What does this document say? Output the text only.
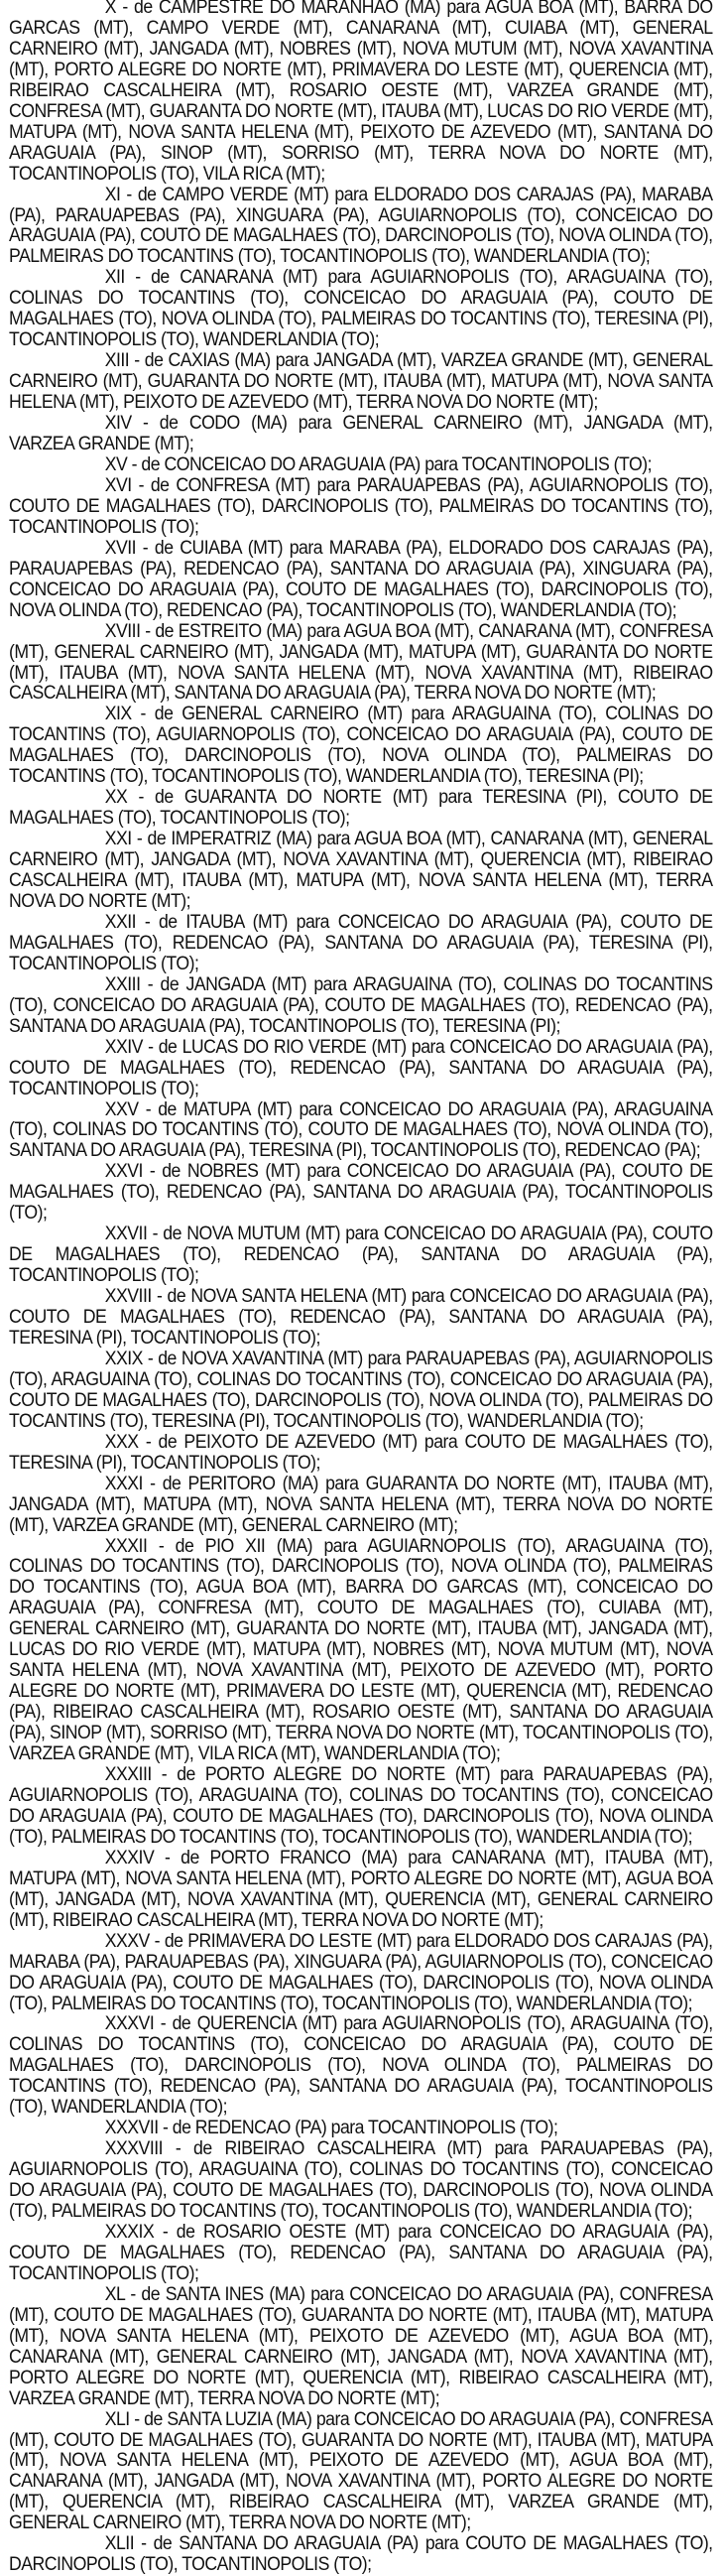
X - de CAMPESTRE DO MARANHAO (MA) para AGUA BOA (MT), BARRA DO GARCAS (MT), CAMPO VERDE (MT), CANARANA (MT), CUIABA (MT), GENERAL CARNEIRO (MT), JANGADA (MT), NOBRES (MT), NOVA MUTUM (MT), NOVA XAVANTINA (MT), PORTO ALEGRE DO NORTE (MT), PRIMAVERA DO LESTE (MT), QUERENCIA (MT), RIBEIRAO CASCALHEIRA (MT), ROSARIO OESTE (MT), VARZEA GRANDE (MT), CONFRESA (MT), GUARANTA DO NORTE (MT), ITAUBA (MT), LUCAS DO RIO VERDE (MT), MATUPA (MT), NOVA SANTA HELENA (MT), PEIXOTO DE AZEVEDO (MT), SANTANA DO ARAGUAIA (PA), SINOP (MT), SORRISO (MT), TERRA NOVA DO NORTE (MT), TOCANTINOPOLIS (TO), VILA RICA (MT);

XI - de CAMPO VERDE (MT) para ELDORADO DOS CARAJAS (PA), MARABA (PA), PARAUAPEBAS (PA), XINGUARA (PA), AGUIARNOPOLIS (TO), CONCEICAO DO ARAGUAIA (PA), COUTO DE MAGALHAES (TO), DARCINOPOLIS (TO), NOVA OLINDA (TO), PALMEIRAS DO TOCANTINS (TO), TOCANTINOPOLIS (TO), WANDERLANDIA (TO);

XII - de CANARANA (MT) para AGUIARNOPOLIS (TO), ARAGUAINA (TO), COLINAS DO TOCANTINS (TO), CONCEICAO DO ARAGUAIA (PA), COUTO DE MAGALHAES (TO), NOVA OLINDA (TO), PALMEIRAS DO TOCANTINS (TO), TERESINA (PI), TOCANTINOPOLIS (TO), WANDERLANDIA (TO);

XIII - de CAXIAS (MA) para JANGADA (MT), VARZEA GRANDE (MT), GENERAL CARNEIRO (MT), GUARANTA DO NORTE (MT), ITAUBA (MT), MATUPA (MT), NOVA SANTA HELENA (MT), PEIXOTO DE AZEVEDO (MT), TERRA NOVA DO NORTE (MT);

XIV - de CODO (MA) para GENERAL CARNEIRO (MT), JANGADA (MT), VARZEA GRANDE (MT);

XV - de CONCEICAO DO ARAGUAIA (PA) para TOCANTINOPOLIS (TO);

XVI - de CONFRESA (MT) para PARAUAPEBAS (PA), AGUIARNOPOLIS (TO), COUTO DE MAGALHAES (TO), DARCINOPOLIS (TO), PALMEIRAS DO TOCANTINS (TO), TOCANTINOPOLIS (TO);

XVII - de CUIABA (MT) para MARABA (PA), ELDORADO DOS CARAJAS (PA), PARAUAPEBAS (PA), REDENCAO (PA), SANTANA DO ARAGUAIA (PA), XINGUARA (PA), CONCEICAO DO ARAGUAIA (PA), COUTO DE MAGALHAES (TO), DARCINOPOLIS (TO), NOVA OLINDA (TO), REDENCAO (PA), TOCANTINOPOLIS (TO), WANDERLANDIA (TO);

XVIII - de ESTREITO (MA) para AGUA BOA (MT), CANARANA (MT), CONFRESA (MT), GENERAL CARNEIRO (MT), JANGADA (MT), MATUPA (MT), GUARANTA DO NORTE (MT), ITAUBA (MT), NOVA SANTA HELENA (MT), NOVA XAVANTINA (MT), RIBEIRAO CASCALHEIRA (MT), SANTANA DO ARAGUAIA (PA), TERRA NOVA DO NORTE (MT);

XIX - de GENERAL CARNEIRO (MT) para ARAGUAINA (TO), COLINAS DO TOCANTINS (TO), AGUIARNOPOLIS (TO), CONCEICAO DO ARAGUAIA (PA), COUTO DE MAGALHAES (TO), DARCINOPOLIS (TO), NOVA OLINDA (TO), PALMEIRAS DO TOCANTINS (TO), TOCANTINOPOLIS (TO), WANDERLANDIA (TO), TERESINA (PI);

XX - de GUARANTA DO NORTE (MT) para TERESINA (PI), COUTO DE MAGALHAES (TO), TOCANTINOPOLIS (TO);

XXI - de IMPERATRIZ (MA) para AGUA BOA (MT), CANARANA (MT), GENERAL CARNEIRO (MT), JANGADA (MT), NOVA XAVANTINA (MT), QUERENCIA (MT), RIBEIRAO CASCALHEIRA (MT), ITAUBA (MT), MATUPA (MT), NOVA SANTA HELENA (MT), TERRA NOVA DO NORTE (MT);

XXII - de ITAUBA (MT) para CONCEICAO DO ARAGUAIA (PA), COUTO DE MAGALHAES (TO), REDENCAO (PA), SANTANA DO ARAGUAIA (PA), TERESINA (PI), TOCANTINOPOLIS (TO);

XXIII - de JANGADA (MT) para ARAGUAINA (TO), COLINAS DO TOCANTINS (TO), CONCEICAO DO ARAGUAIA (PA), COUTO DE MAGALHAES (TO), REDENCAO (PA), SANTANA DO ARAGUAIA (PA), TOCANTINOPOLIS (TO), TERESINA (PI);

XXIV - de LUCAS DO RIO VERDE (MT) para CONCEICAO DO ARAGUAIA (PA), COUTO DE MAGALHAES (TO), REDENCAO (PA), SANTANA DO ARAGUAIA (PA), TOCANTINOPOLIS (TO);

XXV - de MATUPA (MT) para CONCEICAO DO ARAGUAIA (PA), ARAGUAINA (TO), COLINAS DO TOCANTINS (TO), COUTO DE MAGALHAES (TO), NOVA OLINDA (TO), SANTANA DO ARAGUAIA (PA), TERESINA (PI), TOCANTINOPOLIS (TO), REDENCAO (PA);

XXVI - de NOBRES (MT) para CONCEICAO DO ARAGUAIA (PA), COUTO DE MAGALHAES (TO), REDENCAO (PA), SANTANA DO ARAGUAIA (PA), TOCANTINOPOLIS (TO);

XXVII - de NOVA MUTUM (MT) para CONCEICAO DO ARAGUAIA (PA), COUTO DE MAGALHAES (TO), REDENCAO (PA), SANTANA DO ARAGUAIA (PA), TOCANTINOPOLIS (TO);

XXVIII - de NOVA SANTA HELENA (MT) para CONCEICAO DO ARAGUAIA (PA), COUTO DE MAGALHAES (TO), REDENCAO (PA), SANTANA DO ARAGUAIA (PA), TERESINA (PI), TOCANTINOPOLIS (TO);

XXIX - de NOVA XAVANTINA (MT) para PARAUAPEBAS (PA), AGUIARNOPOLIS (TO), ARAGUAINA (TO), COLINAS DO TOCANTINS (TO), CONCEICAO DO ARAGUAIA (PA), COUTO DE MAGALHAES (TO), DARCINOPOLIS (TO), NOVA OLINDA (TO), PALMEIRAS DO TOCANTINS (TO), TERESINA (PI), TOCANTINOPOLIS (TO), WANDERLANDIA (TO);

XXX - de PEIXOTO DE AZEVEDO (MT) para COUTO DE MAGALHAES (TO), TERESINA (PI), TOCANTINOPOLIS (TO);

XXXI - de PERITORO (MA) para GUARANTA DO NORTE (MT), ITAUBA (MT), JANGADA (MT), MATUPA (MT), NOVA SANTA HELENA (MT), TERRA NOVA DO NORTE (MT), VARZEA GRANDE (MT), GENERAL CARNEIRO (MT);

XXXII - de PIO XII (MA) para AGUIARNOPOLIS (TO), ARAGUAINA (TO), COLINAS DO TOCANTINS (TO), DARCINOPOLIS (TO), NOVA OLINDA (TO), PALMEIRAS DO TOCANTINS (TO), AGUA BOA (MT), BARRA DO GARCAS (MT), CONCEICAO DO ARAGUAIA (PA), CONFRESA (MT), COUTO DE MAGALHAES (TO), CUIABA (MT), GENERAL CARNEIRO (MT), GUARANTA DO NORTE (MT), ITAUBA (MT), JANGADA (MT), LUCAS DO RIO VERDE (MT), MATUPA (MT), NOBRES (MT), NOVA MUTUM (MT), NOVA SANTA HELENA (MT), NOVA XAVANTINA (MT), PEIXOTO DE AZEVEDO (MT), PORTO ALEGRE DO NORTE (MT), PRIMAVERA DO LESTE (MT), QUERENCIA (MT), REDENCAO (PA), RIBEIRAO CASCALHEIRA (MT), ROSARIO OESTE (MT), SANTANA DO ARAGUAIA (PA), SINOP (MT), SORRISO (MT), TERRA NOVA DO NORTE (MT), TOCANTINOPOLIS (TO), VARZEA GRANDE (MT), VILA RICA (MT), WANDERLANDIA (TO);

XXXIII - de PORTO ALEGRE DO NORTE (MT) para PARAUAPEBAS (PA), AGUIARNOPOLIS (TO), ARAGUAINA (TO), COLINAS DO TOCANTINS (TO), CONCEICAO DO ARAGUAIA (PA), COUTO DE MAGALHAES (TO), DARCINOPOLIS (TO), NOVA OLINDA (TO), PALMEIRAS DO TOCANTINS (TO), TOCANTINOPOLIS (TO), WANDERLANDIA (TO);

XXXIV - de PORTO FRANCO (MA) para CANARANA (MT), ITAUBA (MT), MATUPA (MT), NOVA SANTA HELENA (MT), PORTO ALEGRE DO NORTE (MT), AGUA BOA (MT), JANGADA (MT), NOVA XAVANTINA (MT), QUERENCIA (MT), GENERAL CARNEIRO (MT), RIBEIRAO CASCALHEIRA (MT), TERRA NOVA DO NORTE (MT);

XXXV - de PRIMAVERA DO LESTE (MT) para ELDORADO DOS CARAJAS (PA), MARABA (PA), PARAUAPEBAS (PA), XINGUARA (PA), AGUIARNOPOLIS (TO), CONCEICAO DO ARAGUAIA (PA), COUTO DE MAGALHAES (TO), DARCINOPOLIS (TO), NOVA OLINDA (TO), PALMEIRAS DO TOCANTINS (TO), TOCANTINOPOLIS (TO), WANDERLANDIA (TO);

XXXVI - de QUERENCIA (MT) para AGUIARNOPOLIS (TO), ARAGUAINA (TO), COLINAS DO TOCANTINS (TO), CONCEICAO DO ARAGUAIA (PA), COUTO DE MAGALHAES (TO), DARCINOPOLIS (TO), NOVA OLINDA (TO), PALMEIRAS DO TOCANTINS (TO), REDENCAO (PA), SANTANA DO ARAGUAIA (PA), TOCANTINOPOLIS (TO), WANDERLANDIA (TO);

XXXVII - de REDENCAO (PA) para TOCANTINOPOLIS (TO);

XXXVIII - de RIBEIRAO CASCALHEIRA (MT) para PARAUAPEBAS (PA), AGUIARNOPOLIS (TO), ARAGUAINA (TO), COLINAS DO TOCANTINS (TO), CONCEICAO DO ARAGUAIA (PA), COUTO DE MAGALHAES (TO), DARCINOPOLIS (TO), NOVA OLINDA (TO), PALMEIRAS DO TOCANTINS (TO), TOCANTINOPOLIS (TO), WANDERLANDIA (TO);

XXXIX - de ROSARIO OESTE (MT) para CONCEICAO DO ARAGUAIA (PA), COUTO DE MAGALHAES (TO), REDENCAO (PA), SANTANA DO ARAGUAIA (PA), TOCANTINOPOLIS (TO);

XL - de SANTA INES (MA) para CONCEICAO DO ARAGUAIA (PA), CONFRESA (MT), COUTO DE MAGALHAES (TO), GUARANTA DO NORTE (MT), ITAUBA (MT), MATUPA (MT), NOVA SANTA HELENA (MT), PEIXOTO DE AZEVEDO (MT), AGUA BOA (MT), CANARANA (MT), GENERAL CARNEIRO (MT), JANGADA (MT), NOVA XAVANTINA (MT), PORTO ALEGRE DO NORTE (MT), QUERENCIA (MT), RIBEIRAO CASCALHEIRA (MT), VARZEA GRANDE (MT), TERRA NOVA DO NORTE (MT);

XLI - de SANTA LUZIA (MA) para CONCEICAO DO ARAGUAIA (PA), CONFRESA (MT), COUTO DE MAGALHAES (TO), GUARANTA DO NORTE (MT), ITAUBA (MT), MATUPA (MT), NOVA SANTA HELENA (MT), PEIXOTO DE AZEVEDO (MT), AGUA BOA (MT), CANARANA (MT), JANGADA (MT), NOVA XAVANTINA (MT), PORTO ALEGRE DO NORTE (MT), QUERENCIA (MT), RIBEIRAO CASCALHEIRA (MT), VARZEA GRANDE (MT), GENERAL CARNEIRO (MT), TERRA NOVA DO NORTE (MT);

XLII - de SANTANA DO ARAGUAIA (PA) para COUTO DE MAGALHAES (TO), DARCINOPOLIS (TO), TOCANTINOPOLIS (TO);
